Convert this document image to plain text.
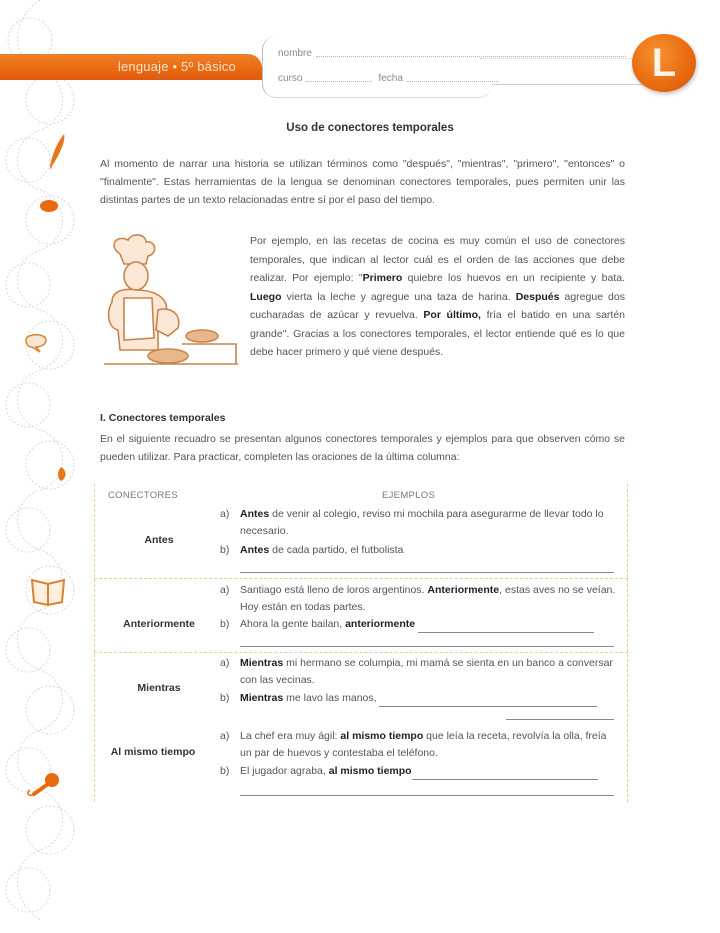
lenguaje • 5º básico
nombre
curso	fecha	L
Uso de conectores temporales

Al momento de narrar una historia se utilizan términos como "después", "mientras", "primero", "entonces" o "finalmente". Estas herramientas de la lengua se denominan conectores temporales, pues permiten unir las distintas partes de un texto relacionadas entre sí por el paso del tiempo.

Por ejemplo, en las recetas de cocina es muy común el uso de conectores temporales, que indican al lector cuál es el orden de las acciones que debe realizar. Por ejemplo: "Primero quiebre los huevos en un recipiente y bata. Luego vierta la leche y agregue una taza de harina. Después agregue dos cucharadas de azúcar y revuelva. Por último, fría el batido en una sartén grande". Gracias a los conectores temporales, el lector entiende qué es lo que debe hacer primero y qué viene después.

I. Conectores temporales

En el siguiente recuadro se presentan algunos conectores temporales y ejemplos para que observen cómo se pueden utilizar. Para practicar, completen las oraciones de la última columna:

CONECTORES	EJEMPLOS
Antes
a)	Antes de venir al colegio, reviso mi mochila para asegurarme de llevar todo lo necesario.
b)	Antes de cada partido, el futbolista
Anteriormente
a)	Santiago está lleno de loros argentinos. Anteriormente, estas aves no se veían. Hoy están en todas partes.
b)	Ahora la gente bailan, anteriormente
Mientras
a)	Mientras mi hermano se columpia, mi mamá se sienta en un banco a conversar con las vecinas.
b)	Mientras me lavo las manos,
Al mismo tiempo
a)	La chef era muy ágil: al mismo tiempo que leía la receta, revolvía la olla, freía un par de huevos y contestaba el teléfono.
b)	El jugador agraba, al mismo tiempo
